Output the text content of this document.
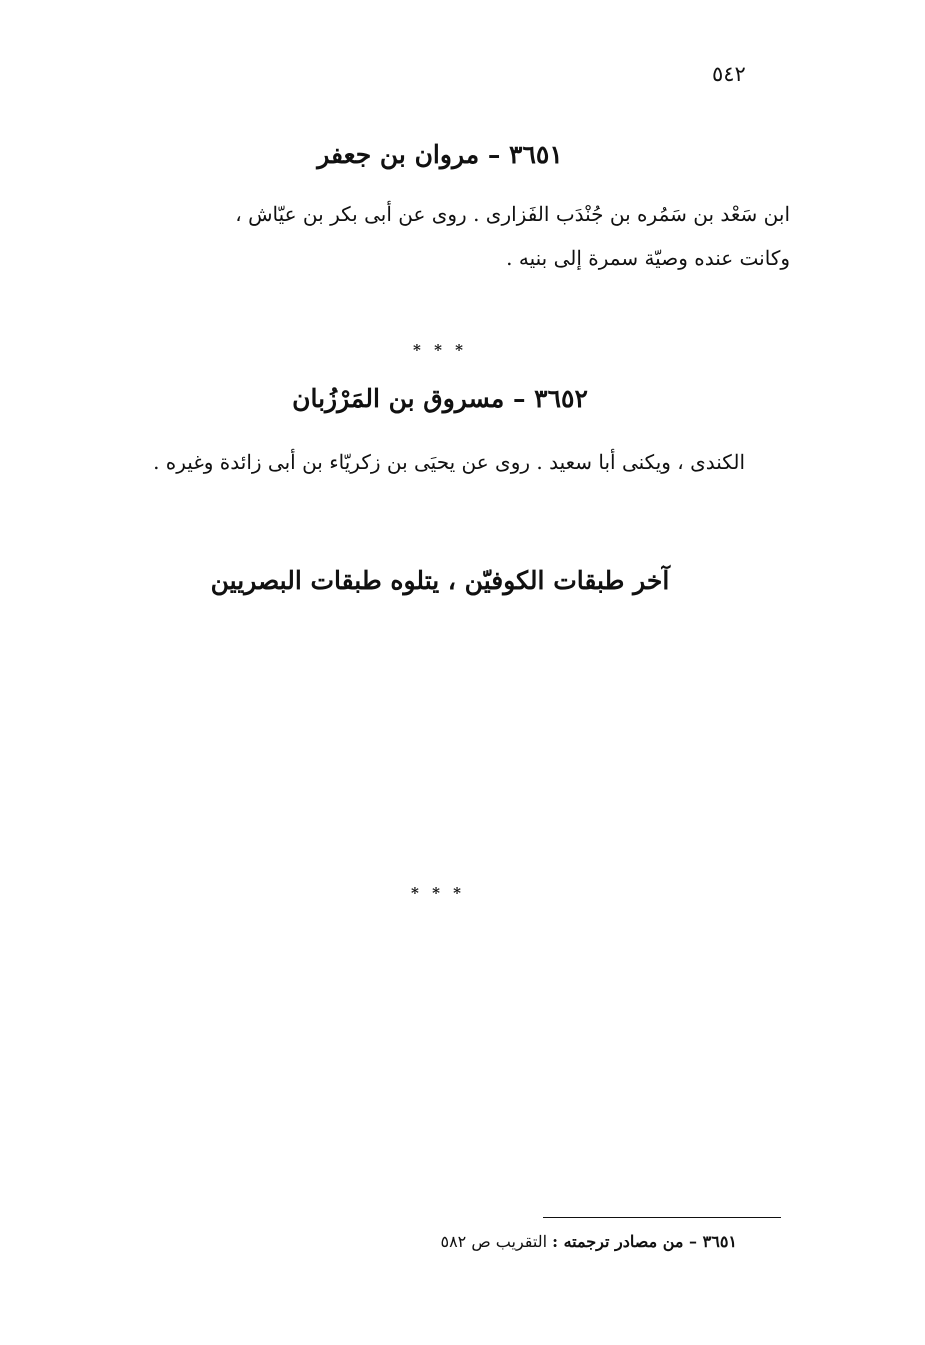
٥٤٢
٣٦٥١ – مروان بن جعفر

ابن سَعْد بن سَمُره بن جُنْدَب الفَزارى . روى عن أبى بكر بن عيّاش ،

وكانت عنده وصيّة سمرة إلى بنيه .

* * *
٣٦٥٢ – مسروق بن المَرْزُبان

الكندى ، ويكنى أبا سعيد . روى عن يحيَى بن زكريّاء بن أبى زائدة وغيره .

آخر طبقات الكوفيّن ، يتلوه طبقات البصريين
* * *
٣٦٥١ – من مصادر ترجمته : التقريب ص ٥٨٢
